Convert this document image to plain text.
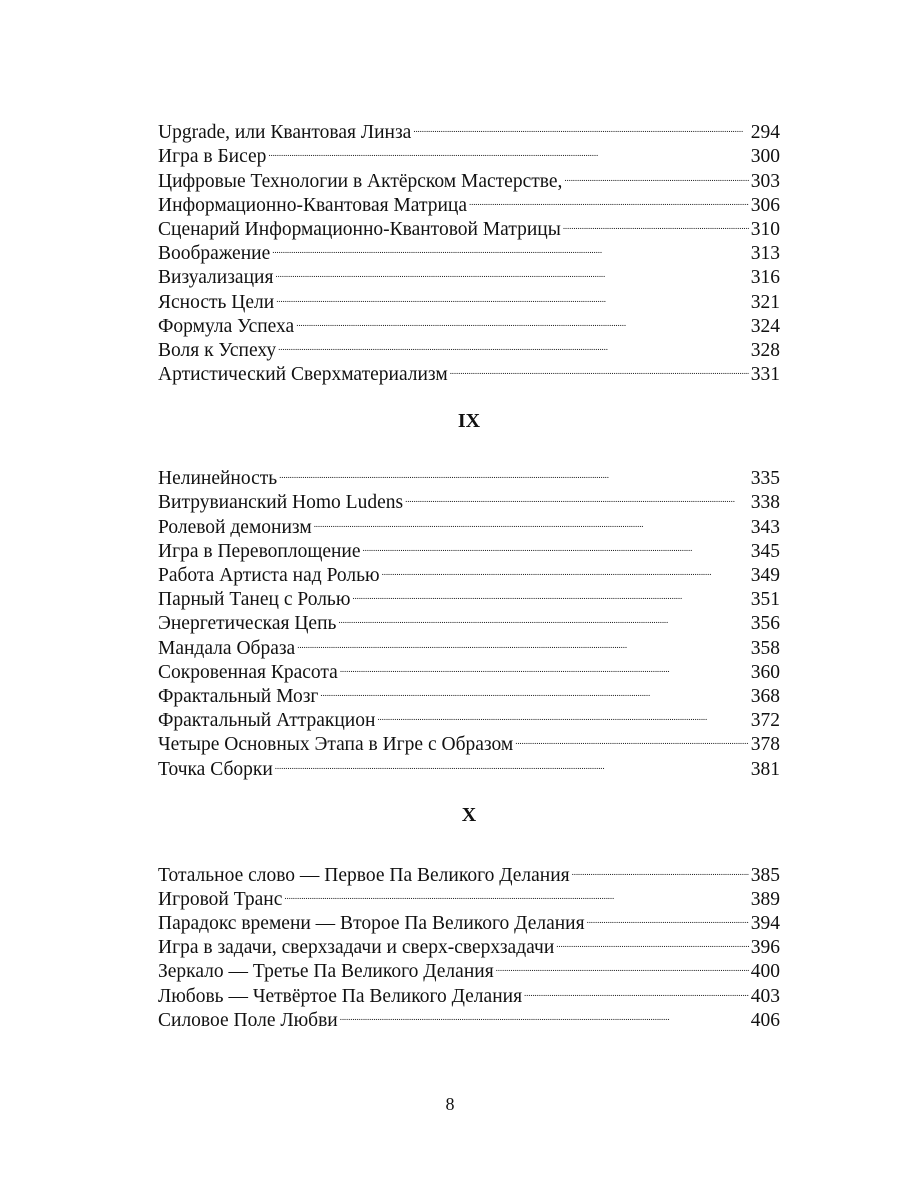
Upgrade, или Квантовая Линза . . .	294
Игра в Бисер . . .	300
Цифровые Технологии в Актёрском Мастерстве, . . .	303
Информационно-Квантовая Матрица . . .	306
Сценарий Информационно-Квантовой Матрицы . . .	310
Воображение . . .	313
Визуализация . . .	316
Ясность Цели . . .	321
Формула Успеха . . .	324
Воля к Успеху . . .	328
Артистический Сверхматериализм . . .	331
IX
Нелинейность . . .	335
Витрувианский Homo Ludens . . .	338
Ролевой демонизм . . .	343
Игра в Перевоплощение . . .	345
Работа Артиста над Ролью . . .	349
Парный Танец с Ролью . . .	351
Энергетическая Цепь . . .	356
Мандала Образа . . .	358
Сокровенная Красота . . .	360
Фрактальный Мозг . . .	368
Фрактальный Аттракцион . . .	372
Четыре Основных Этапа в Игре с Образом . . .	378
Точка Сборки . . .	381
X
Тотальное слово — Первое Па Великого Делания . . .	385
Игровой Транс . . .	389
Парадокс времени — Второе Па Великого Делания . . .	394
Игра в задачи, сверхзадачи и сверх-сверхзадачи . . .	396
Зеркало — Третье Па Великого Делания . . .	400
Любовь — Четвёртое Па Великого Делания . . .	403
Силовое Поле Любви . . .	406
8
